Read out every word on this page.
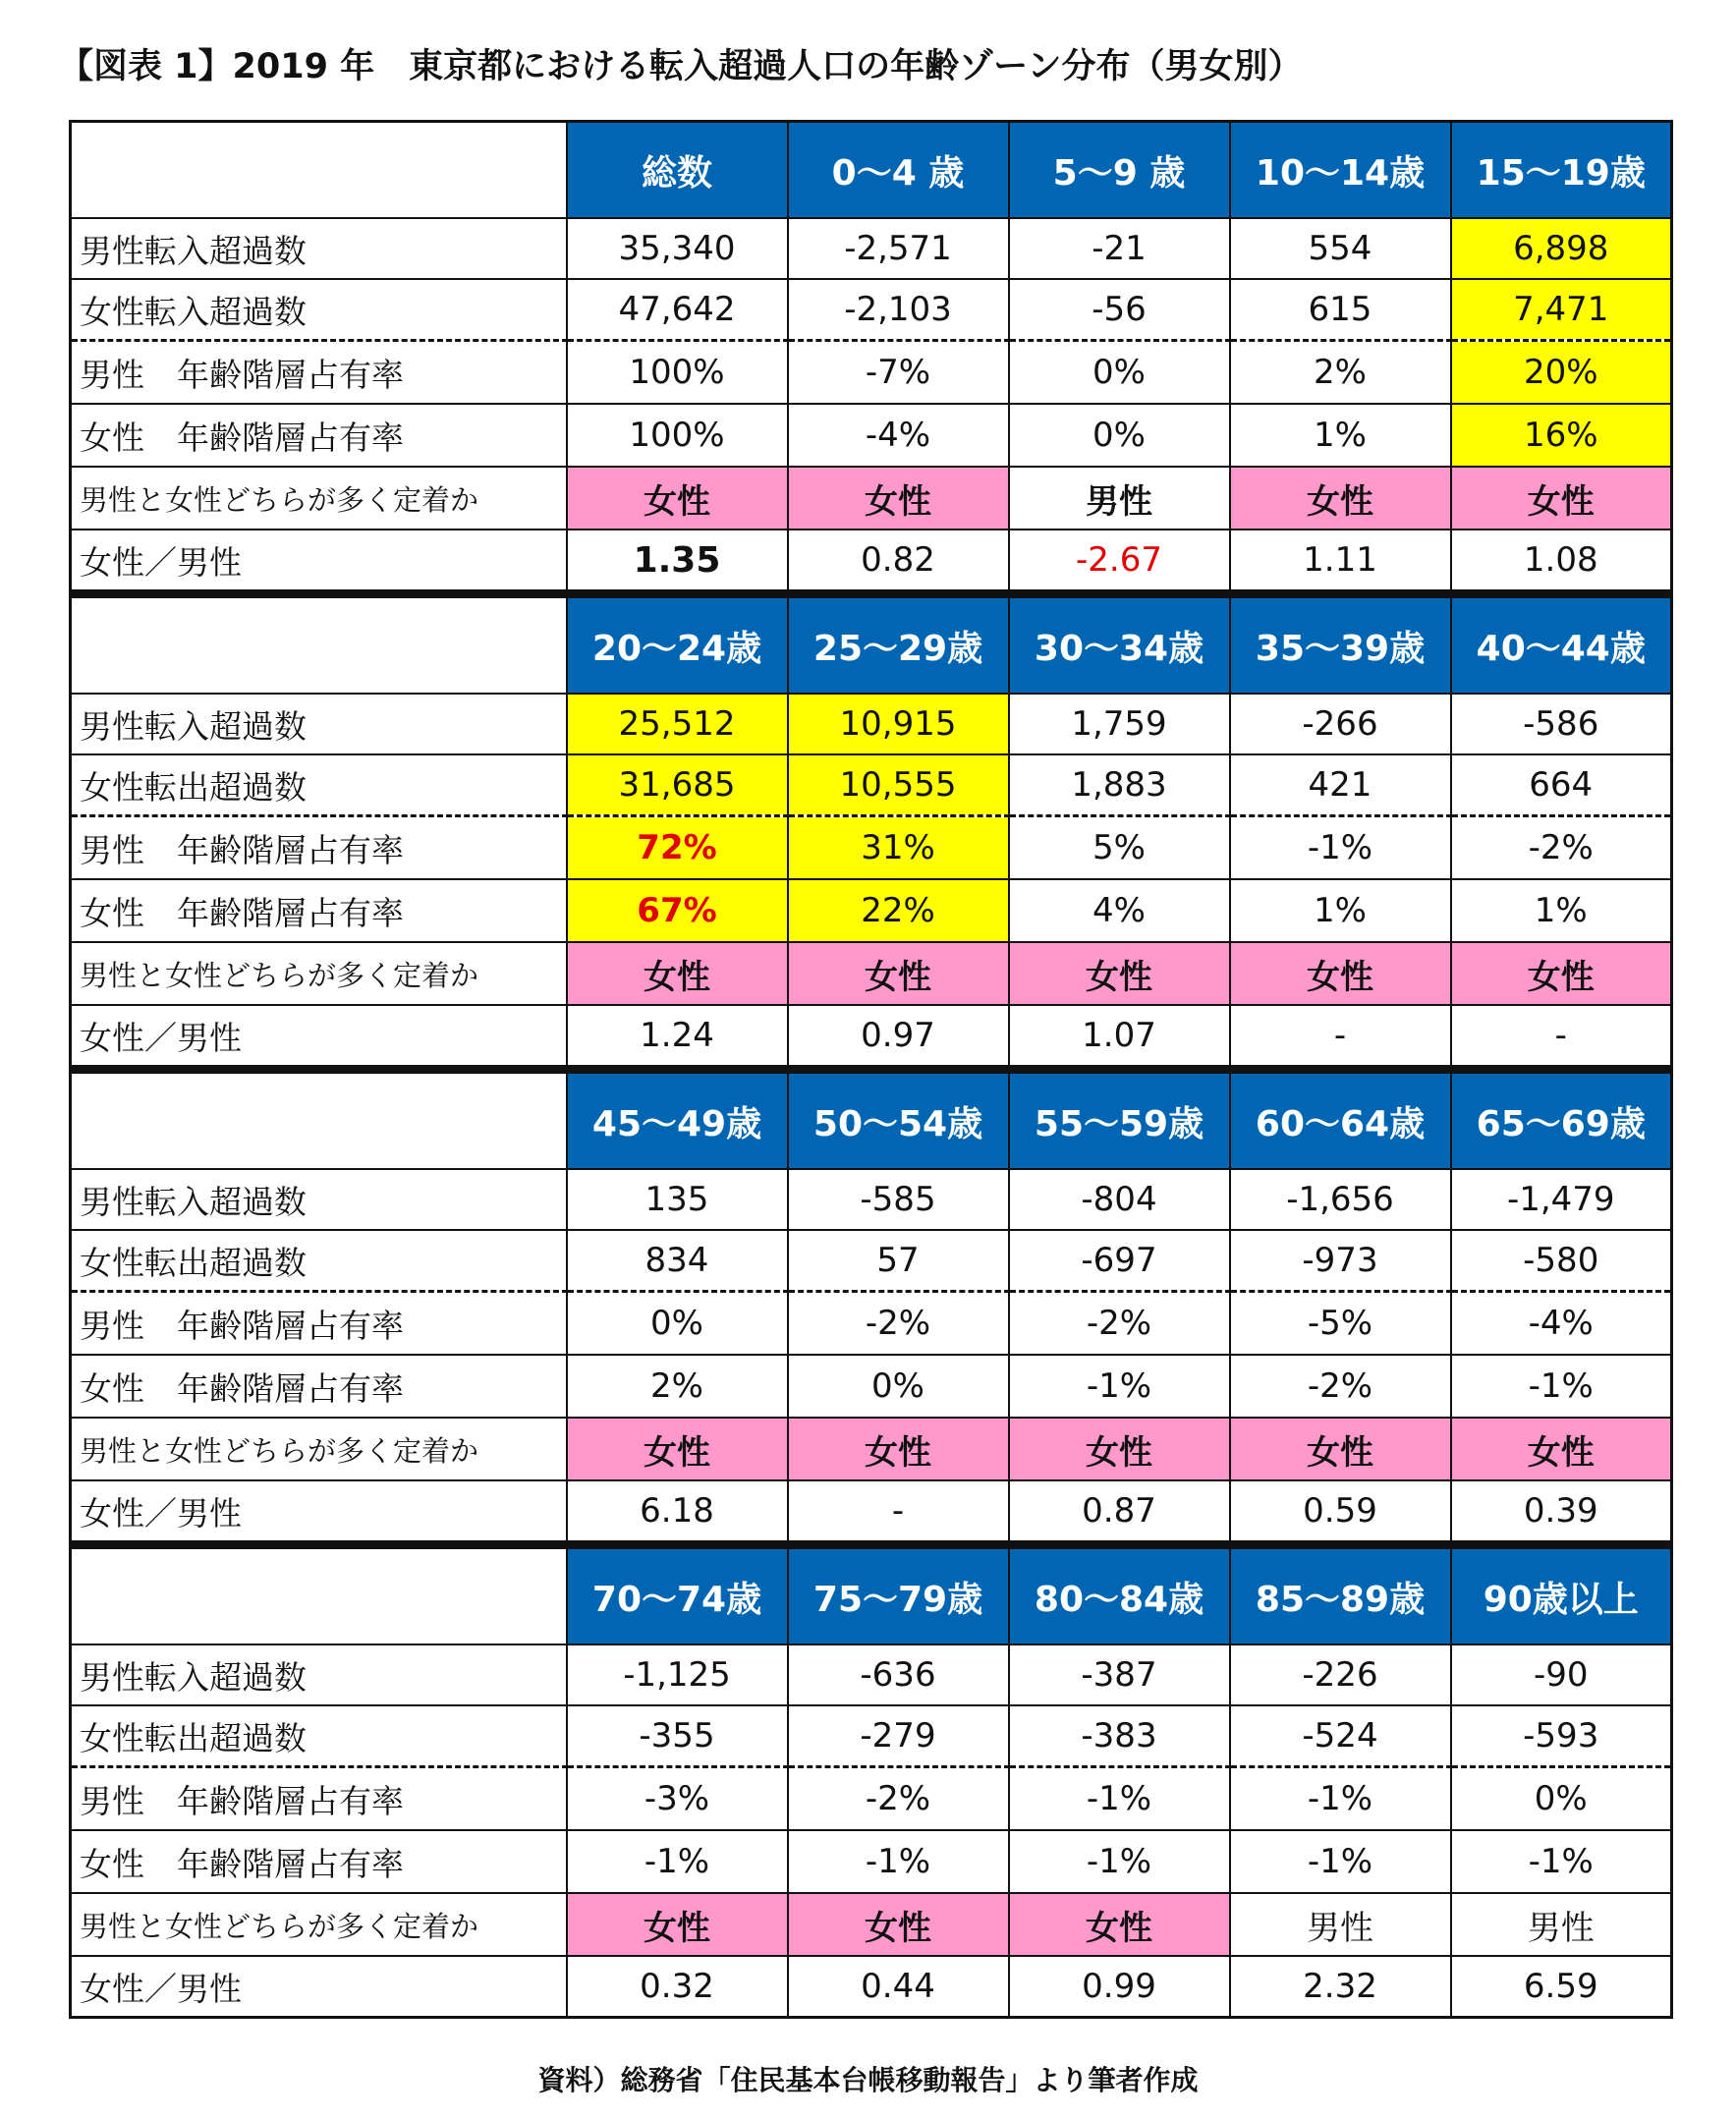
【図表 1】2019 年　東京都における転入超過人口の年齢ゾーン分布（男女別）
	総数	0～4 歳	5～9 歳	10～14歳	15～19歳
男性転入超過数	35,340	-2,571	-21	554	6,898
女性転入超過数	47,642	-2,103	-56	615	7,471
男性　年齢階層占有率	100%	-7%	0%	2%	20%
女性　年齢階層占有率	100%	-4%	0%	1%	16%
男性と女性どちらが多く定着か	女性	女性	男性	女性	女性
女性／男性	1.35	0.82	-2.67	1.11	1.08
	20～24歳	25～29歳	30～34歳	35～39歳	40～44歳
男性転入超過数	25,512	10,915	1,759	-266	-586
女性転出超過数	31,685	10,555	1,883	421	664
男性　年齢階層占有率	72%	31%	5%	-1%	-2%
女性　年齢階層占有率	67%	22%	4%	1%	1%
男性と女性どちらが多く定着か	女性	女性	女性	女性	女性
女性／男性	1.24	0.97	1.07	-	-
	45～49歳	50～54歳	55～59歳	60～64歳	65～69歳
男性転入超過数	135	-585	-804	-1,656	-1,479
女性転出超過数	834	57	-697	-973	-580
男性　年齢階層占有率	0%	-2%	-2%	-5%	-4%
女性　年齢階層占有率	2%	0%	-1%	-2%	-1%
男性と女性どちらが多く定着か	女性	女性	女性	女性	女性
女性／男性	6.18	-	0.87	0.59	0.39
	70～74歳	75～79歳	80～84歳	85～89歳	90歳以上
男性転入超過数	-1,125	-636	-387	-226	-90
女性転出超過数	-355	-279	-383	-524	-593
男性　年齢階層占有率	-3%	-2%	-1%	-1%	0%
女性　年齢階層占有率	-1%	-1%	-1%	-1%	-1%
男性と女性どちらが多く定着か	女性	女性	女性	男性	男性
女性／男性	0.32	0.44	0.99	2.32	6.59
資料）総務省「住民基本台帳移動報告」より筆者作成
